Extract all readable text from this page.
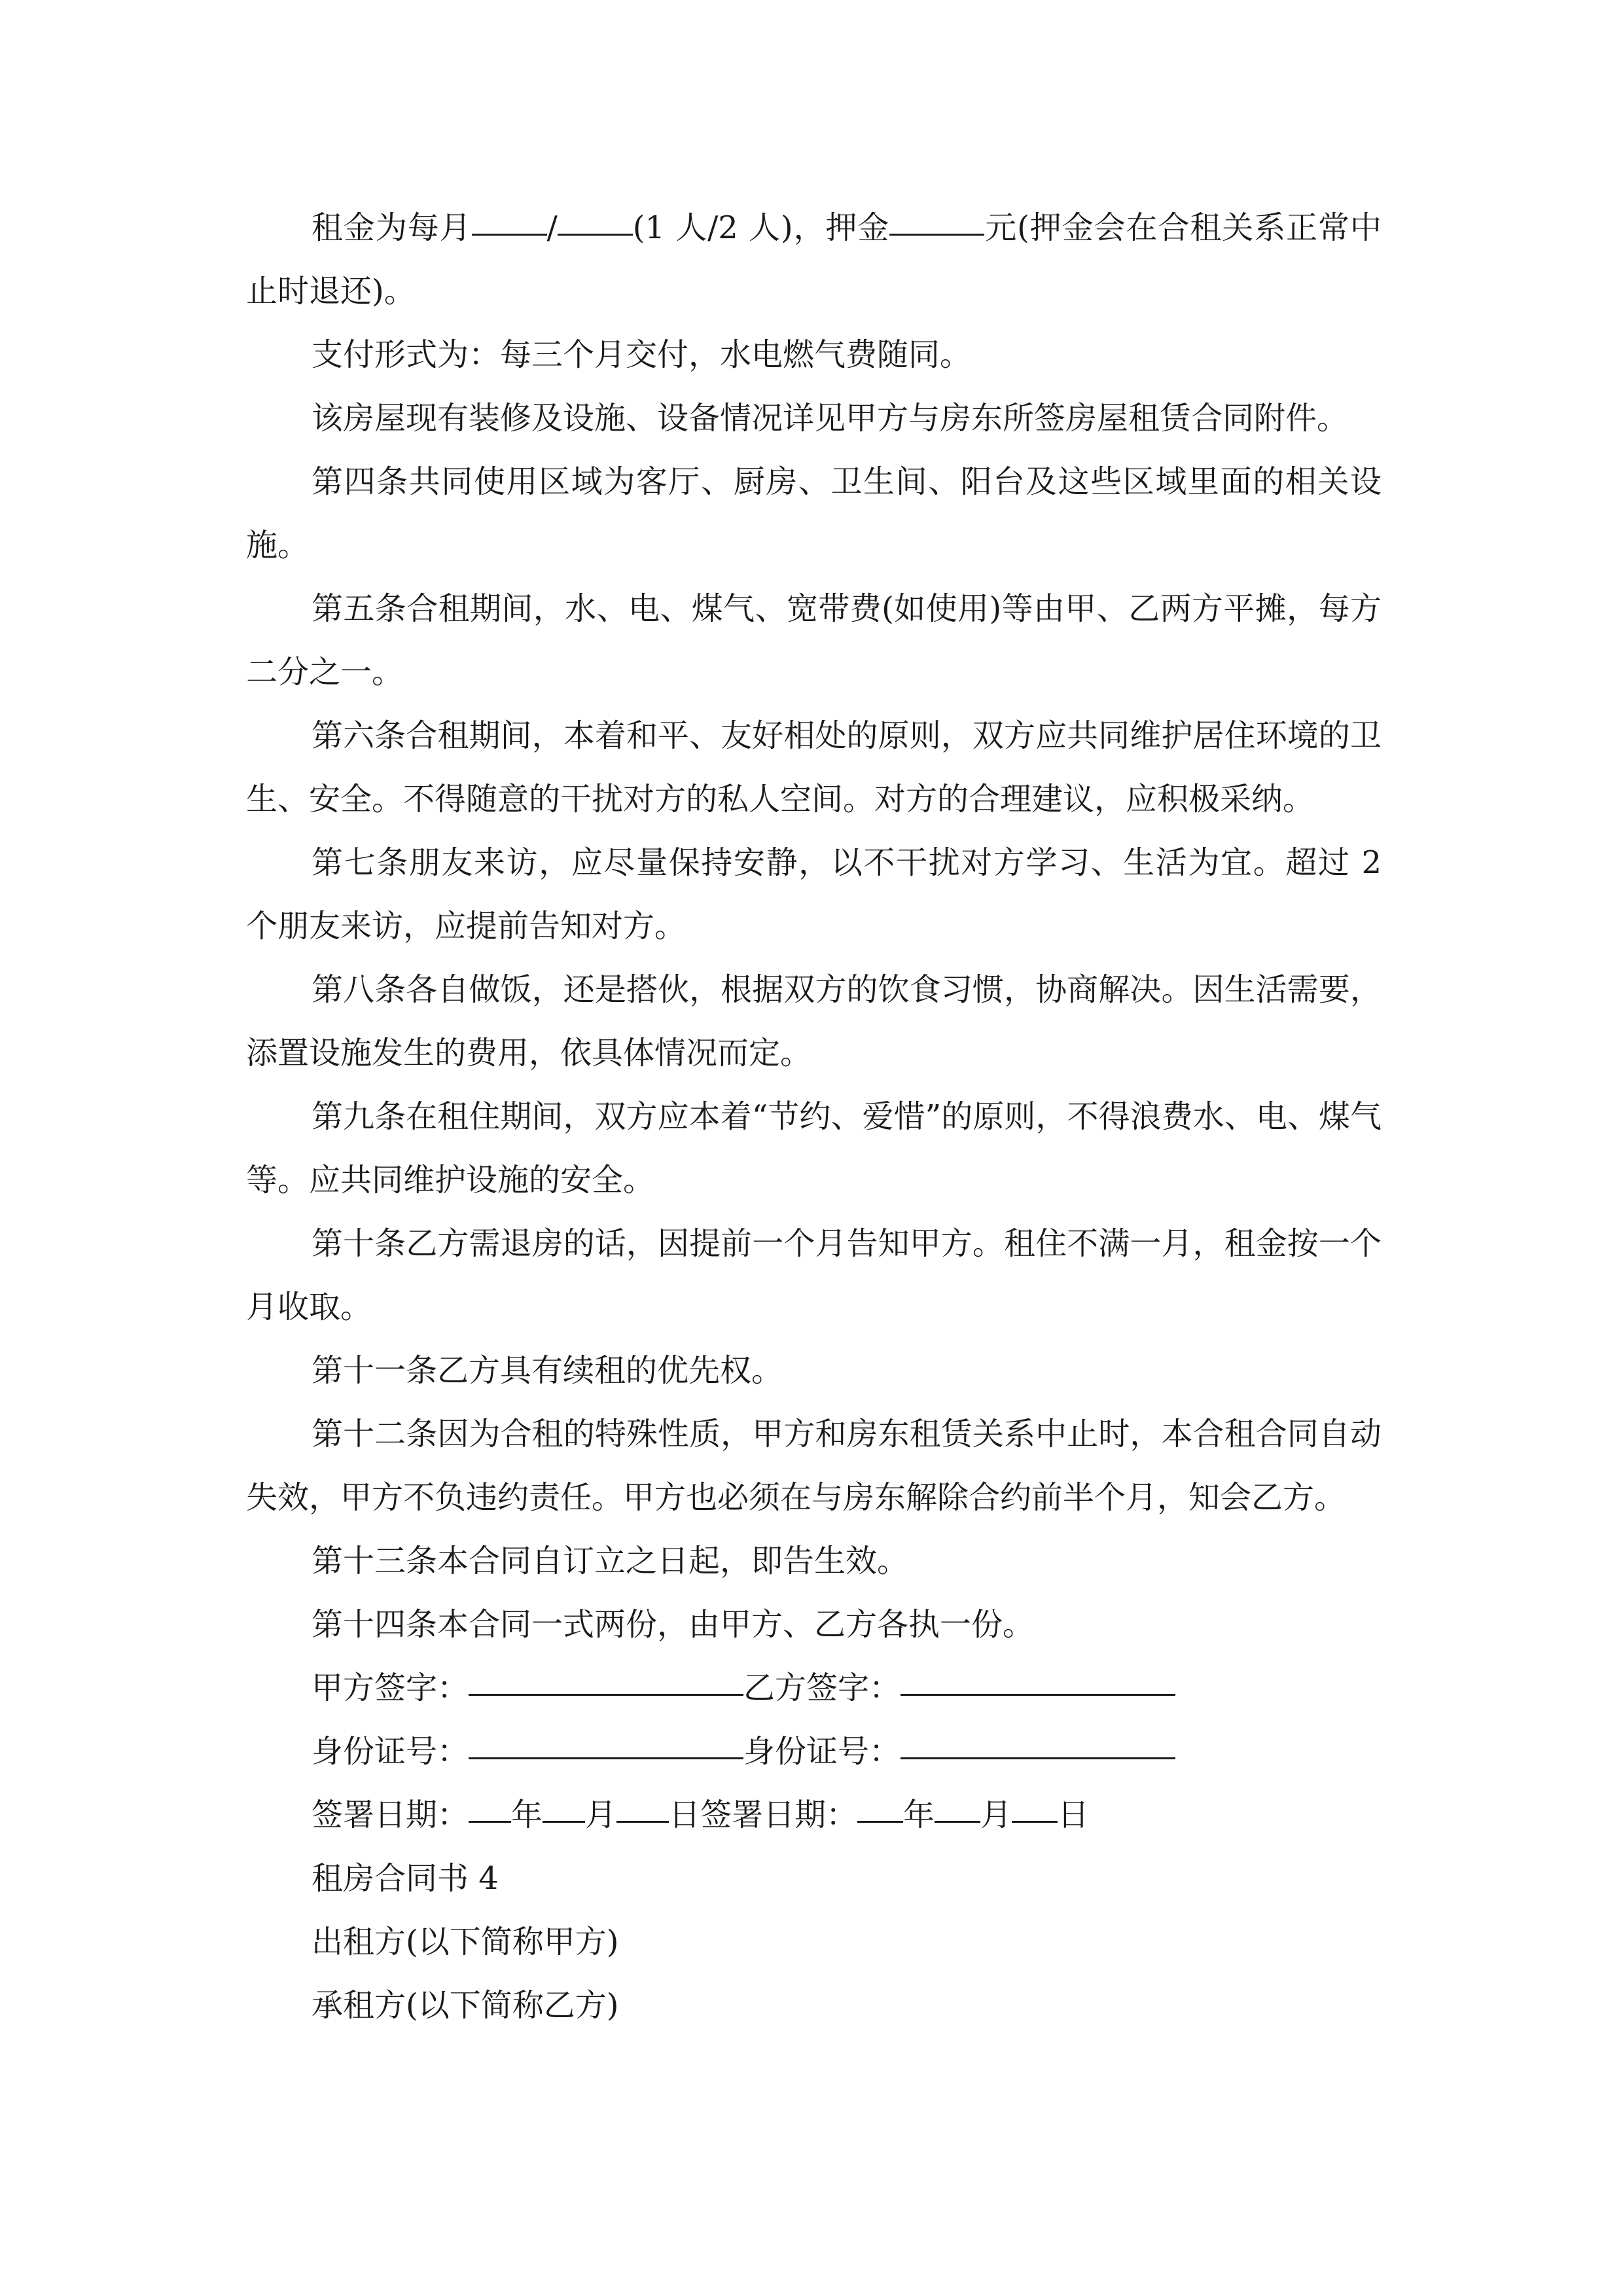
租金为每月 / (1 人/2 人)，押金	元(押金会在合租关系正常中止时退还)。

支付形式为：每三个月交付，水电燃气费随同。

该房屋现有装修及设施、设备情况详见甲方与房东所签房屋租赁合同附件。

第四条共同使用区域为客厅、厨房、卫生间、阳台及这些区域里面的相关设施。

第五条合租期间，水、电、煤气、宽带费(如使用)等由甲、乙两方平摊，每方二分之一。

第六条合租期间，本着和平、友好相处的原则，双方应共同维护居住环境的卫生、安全。不得随意的干扰对方的私人空间。对方的合理建议，应积极采纳。

第七条朋友来访，应尽量保持安静，以不干扰对方学习、生活为宜。超过 2 个朋友来访，应提前告知对方。

第八条各自做饭，还是搭伙，根据双方的饮食习惯，协商解决。因生活需要，添置设施发生的费用，依具体情况而定。

第九条在租住期间，双方应本着“节约、爱惜”的原则，不得浪费水、电、煤气等。应共同维护设施的安全。

第十条乙方需退房的话，因提前一个月告知甲方。租住不满一月，租金按一个月收取。

第十一条乙方具有续租的优先权。

第十二条因为合租的特殊性质，甲方和房东租赁关系中止时，本合租合同自动失效，甲方不负违约责任。甲方也必须在与房东解除合约前半个月，知会乙方。

第十三条本合同自订立之日起，即告生效。

第十四条本合同一式两份，由甲方、乙方各执一份。

甲方签字：	乙方签字：

身份证号：	身份证号：

签署日期： 年 月 日签署日期： 年 月 日

租房合同书 4

出租方(以下简称甲方)

承租方(以下简称乙方)
